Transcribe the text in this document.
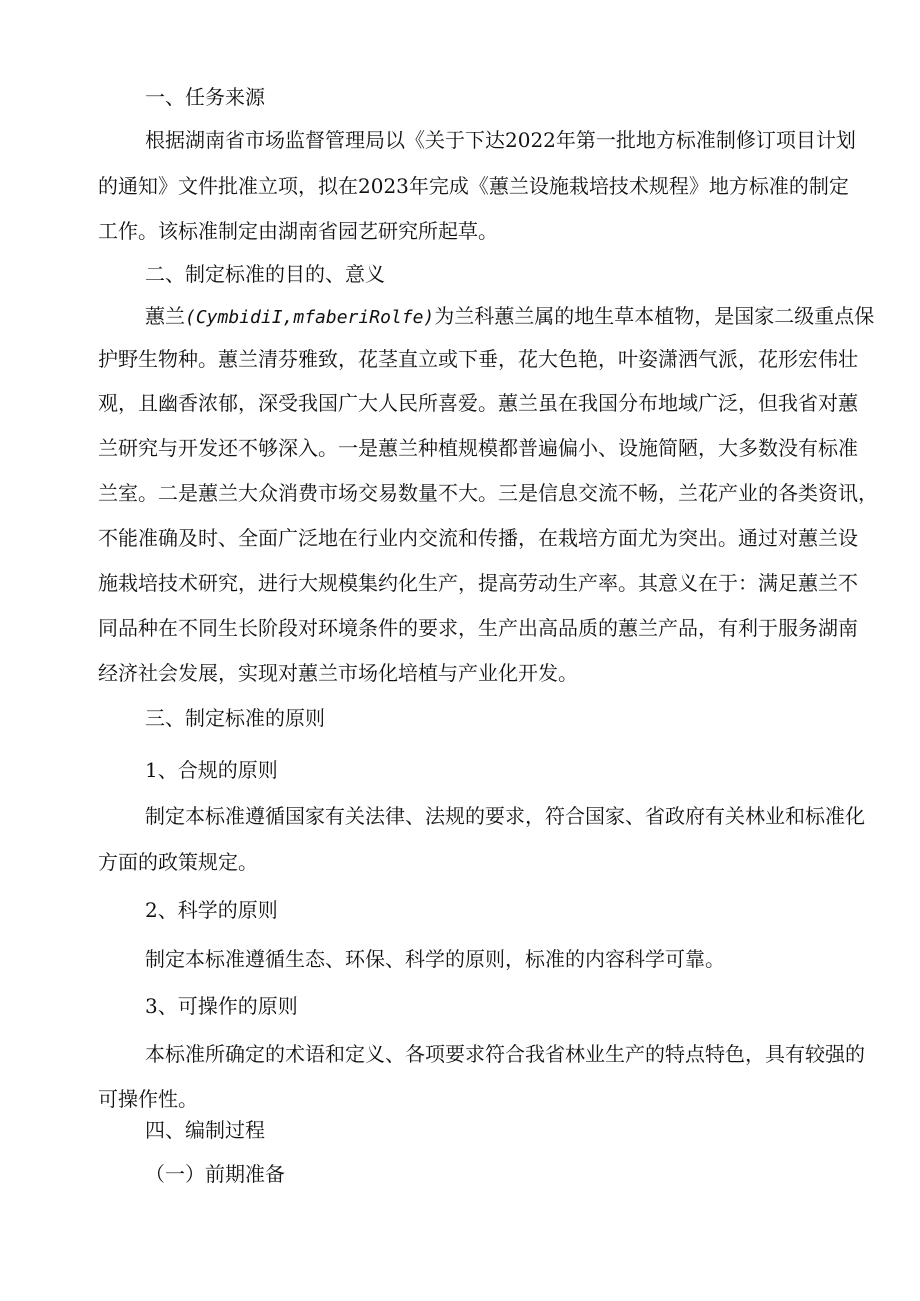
一、任务来源
根据湖南省市场监督管理局以《关于下达2022年第一批地方标准制修订项目计划
的通知》文件批准立项，拟在2023年完成《蕙兰设施栽培技术规程》地方标准的制定
工作。该标准制定由湖南省园艺研究所起草。
二、制定标准的目的、意义
蕙兰(CymbidiI,mfaberiRolfe)为兰科蕙兰属的地生草本植物，是国家二级重点保
护野生物种。蕙兰清芬雅致，花茎直立或下垂，花大色艳，叶姿潇洒气派，花形宏伟壮
观，且幽香浓郁，深受我国广大人民所喜爱。蕙兰虽在我国分布地域广泛，但我省对蕙
兰研究与开发还不够深入。一是蕙兰种植规模都普遍偏小、设施简陋，大多数没有标准
兰室。二是蕙兰大众消费市场交易数量不大。三是信息交流不畅，兰花产业的各类资讯，
不能准确及时、全面广泛地在行业内交流和传播，在栽培方面尤为突出。通过对蕙兰设
施栽培技术研究，进行大规模集约化生产，提高劳动生产率。其意义在于：满足蕙兰不
同品种在不同生长阶段对环境条件的要求，生产出高品质的蕙兰产品，有利于服务湖南
经济社会发展，实现对蕙兰市场化培植与产业化开发。
三、制定标准的原则
1、合规的原则
制定本标准遵循国家有关法律、法规的要求，符合国家、省政府有关林业和标准化
方面的政策规定。
2、科学的原则
制定本标准遵循生态、环保、科学的原则，标准的内容科学可靠。
3、可操作的原则
本标准所确定的术语和定义、各项要求符合我省林业生产的特点特色，具有较强的
可操作性。
四、编制过程
（一）前期准备
